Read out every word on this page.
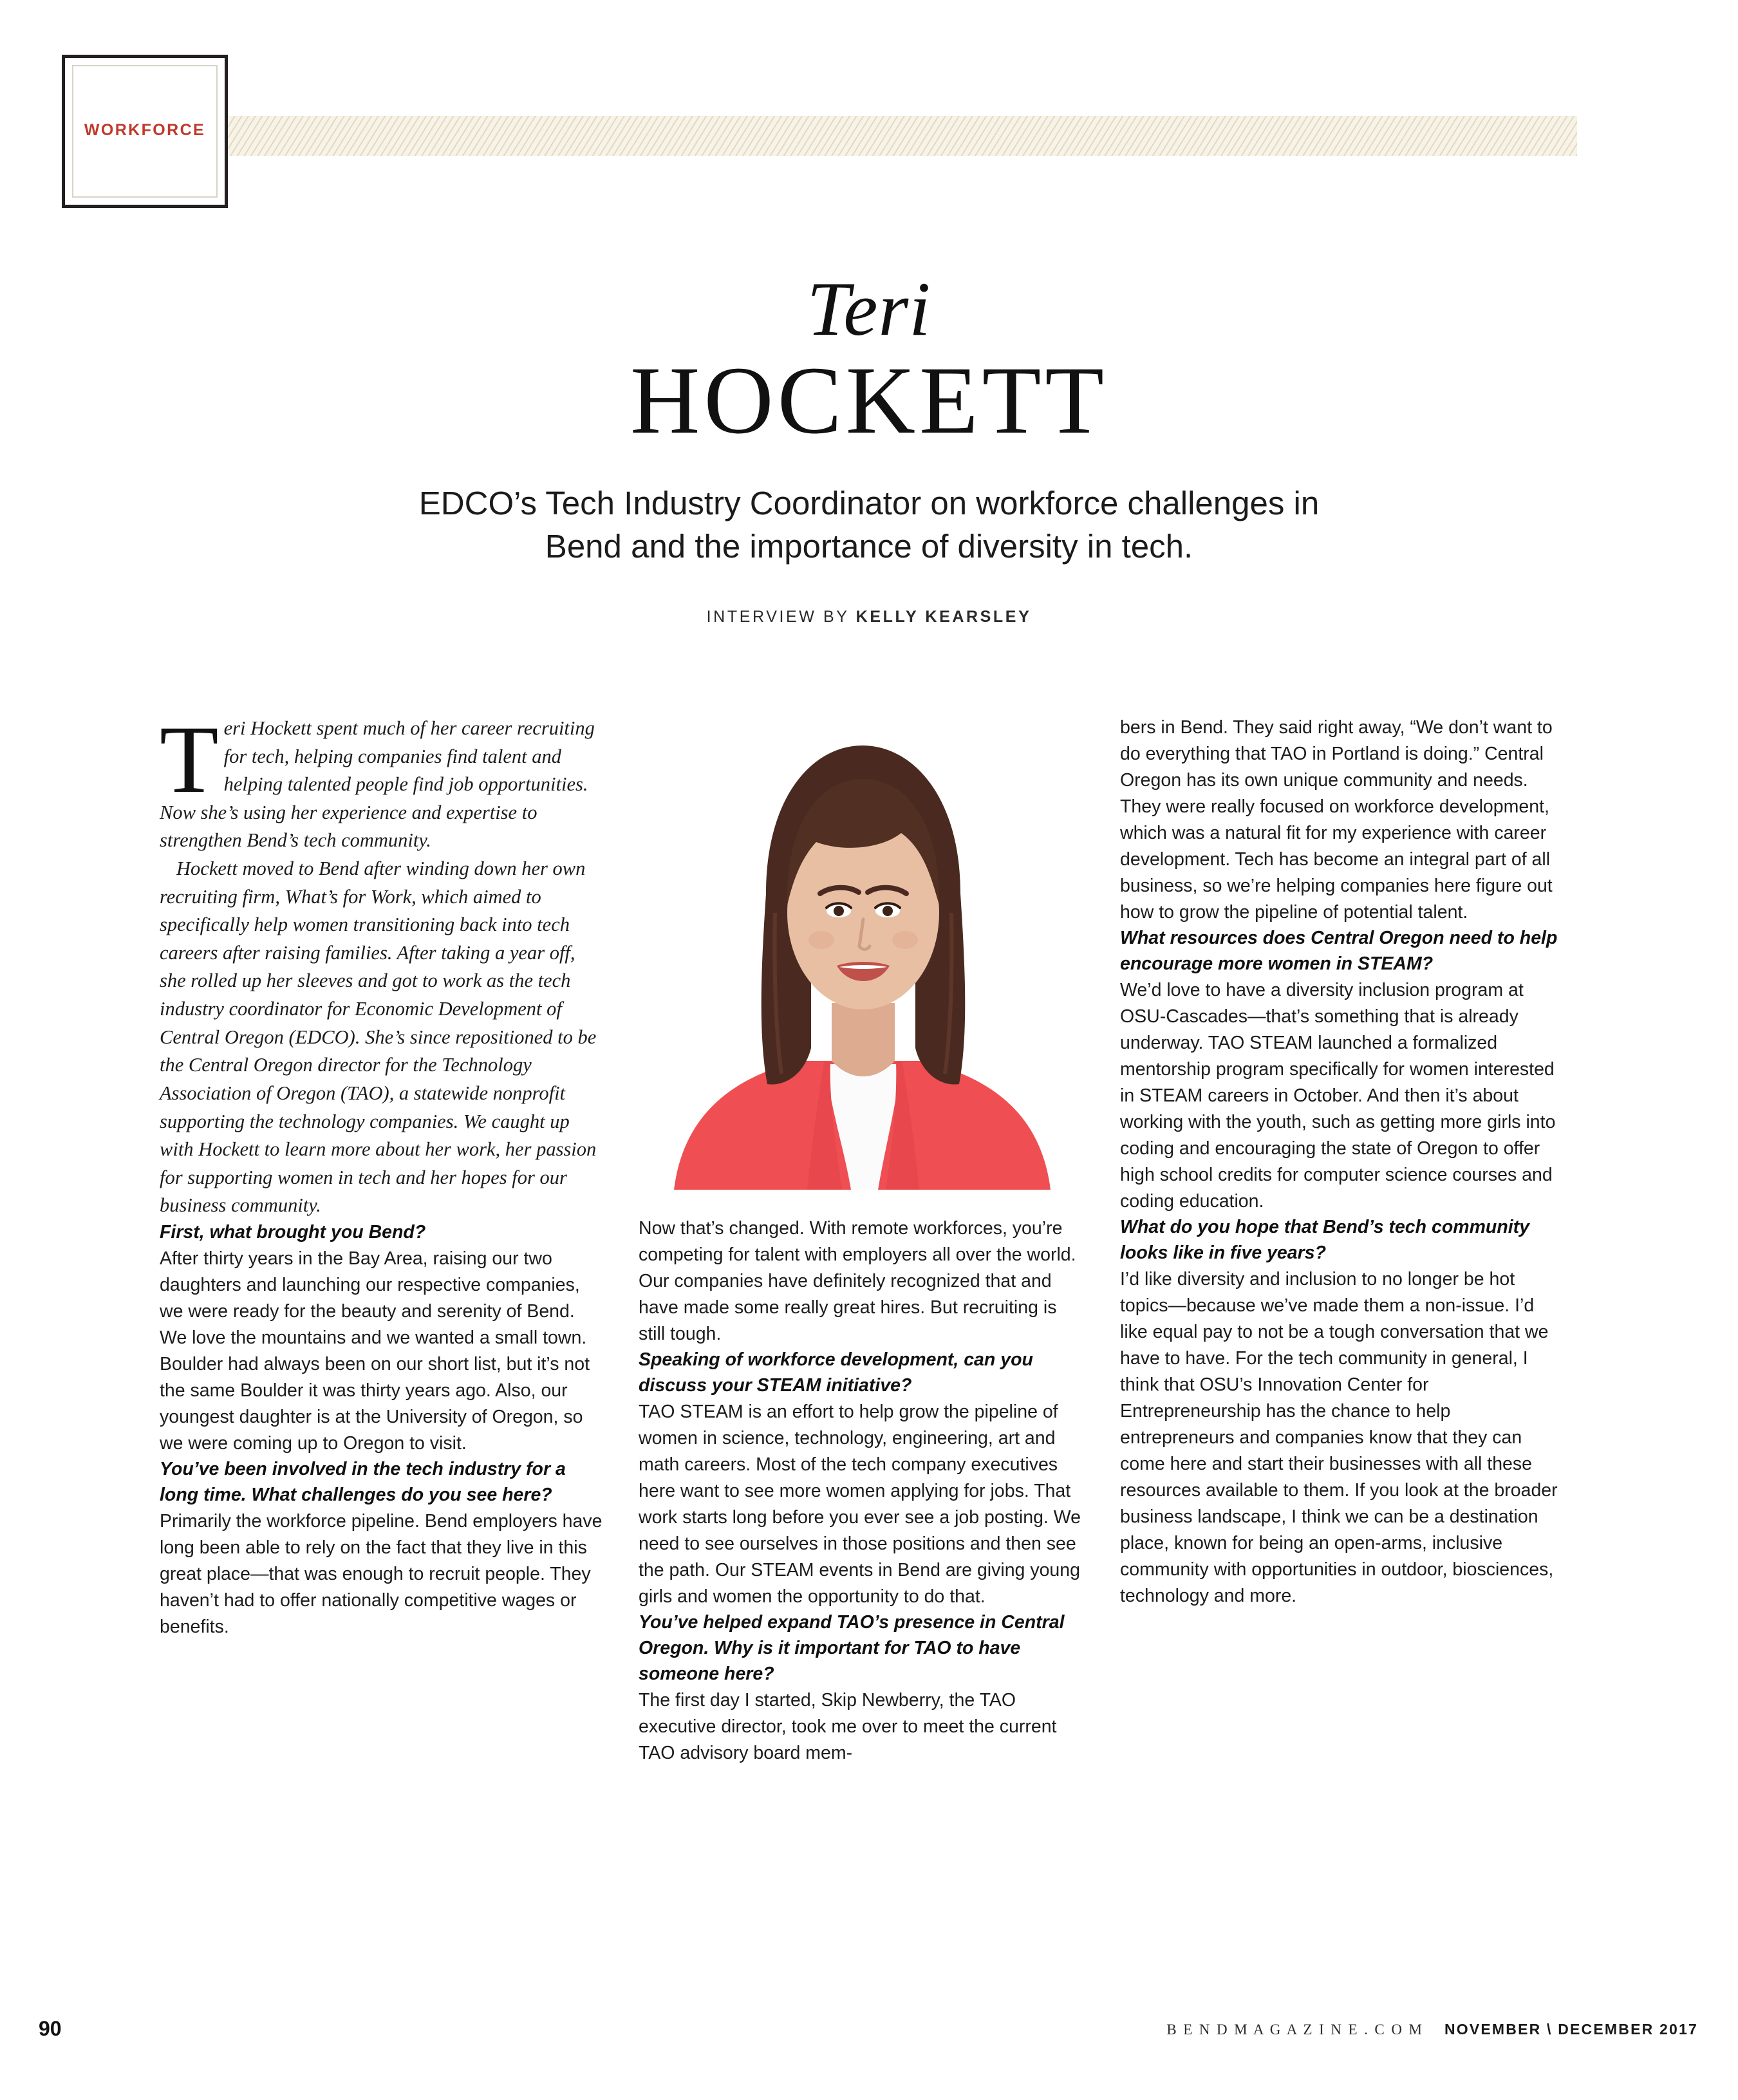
WORKFORCE
Teri
HOCKETT
EDCO’s Tech Industry Coordinator on workforce challenges in
Bend and the importance of diversity in tech.
INTERVIEW BY KELLY KEARSLEY

Teri Hockett spent much of her career recruiting for tech, helping companies find talent and helping talented people find job opportunities. Now she’s using her experience and expertise to strengthen Bend’s tech community.

Hockett moved to Bend after winding down her own recruiting firm, What’s for Work, which aimed to specifically help women transitioning back into tech careers after raising families. After taking a year off, she rolled up her sleeves and got to work as the tech industry coordinator for Economic Development of Central Oregon (EDCO). She’s since repositioned to be the Central Oregon director for the Technology Association of Oregon (TAO), a statewide nonprofit supporting the technology companies. We caught up with Hockett to learn more about her work, her passion for supporting women in tech and her hopes for our business community.

First, what brought you Bend?

After thirty years in the Bay Area, raising our two daughters and launching our respective companies, we were ready for the beauty and serenity of Bend. We love the mountains and we wanted a small town. Boulder had always been on our short list, but it’s not the same Boulder it was thirty years ago. Also, our youngest daughter is at the University of Oregon, so we were coming up to Oregon to visit.

You’ve been involved in the tech industry for a long time. What challenges do you see here?

Primarily the workforce pipeline. Bend employers have long been able to rely on the fact that they live in this great place—that was enough to recruit people. They haven’t had to offer nationally competitive wages or benefits.

Now that’s changed. With remote workforces, you’re competing for talent with employers all over the world. Our companies have definitely recognized that and have made some really great hires. But recruiting is still tough.

Speaking of workforce development, can you discuss your STEAM initiative?

TAO STEAM is an effort to help grow the pipeline of women in science, technology, engineering, art and math careers. Most of the tech company executives here want to see more women applying for jobs. That work starts long before you ever see a job posting. We need to see ourselves in those positions and then see the path. Our STEAM events in Bend are giving young girls and women the opportunity to do that.

You’ve helped expand TAO’s presence in Central Oregon. Why is it important for TAO to have someone here?

The first day I started, Skip Newberry, the TAO executive director, took me over to meet the current TAO advisory board mem-

bers in Bend. They said right away, “We don’t want to do everything that TAO in Portland is doing.” Central Oregon has its own unique community and needs. They were really focused on workforce development, which was a natural fit for my experience with career development. Tech has become an integral part of all business, so we’re helping companies here figure out how to grow the pipeline of potential talent.

What resources does Central Oregon need to help encourage more women in STEAM?

We’d love to have a diversity inclusion program at OSU-Cascades—that’s something that is already underway. TAO STEAM launched a formalized mentorship program specifically for women interested in STEAM careers in October. And then it’s about working with the youth, such as getting more girls into coding and encouraging the state of Oregon to offer high school credits for computer science courses and coding education.

What do you hope that Bend’s tech community looks like in five years?

I’d like diversity and inclusion to no longer be hot topics—because we’ve made them a non-issue. I’d like equal pay to not be a tough conversation that we have to have. For the tech community in general, I think that OSU’s Innovation Center for Entrepreneurship has the chance to help entrepreneurs and companies know that they can come here and start their businesses with all these resources available to them. If you look at the broader business landscape, I think we can be a destination place, known for being an open-arms, inclusive community with opportunities in outdoor, biosciences, technology and more.

90	B E N D M A G A Z I N E . C O M NOVEMBER \ DECEMBER 2017
